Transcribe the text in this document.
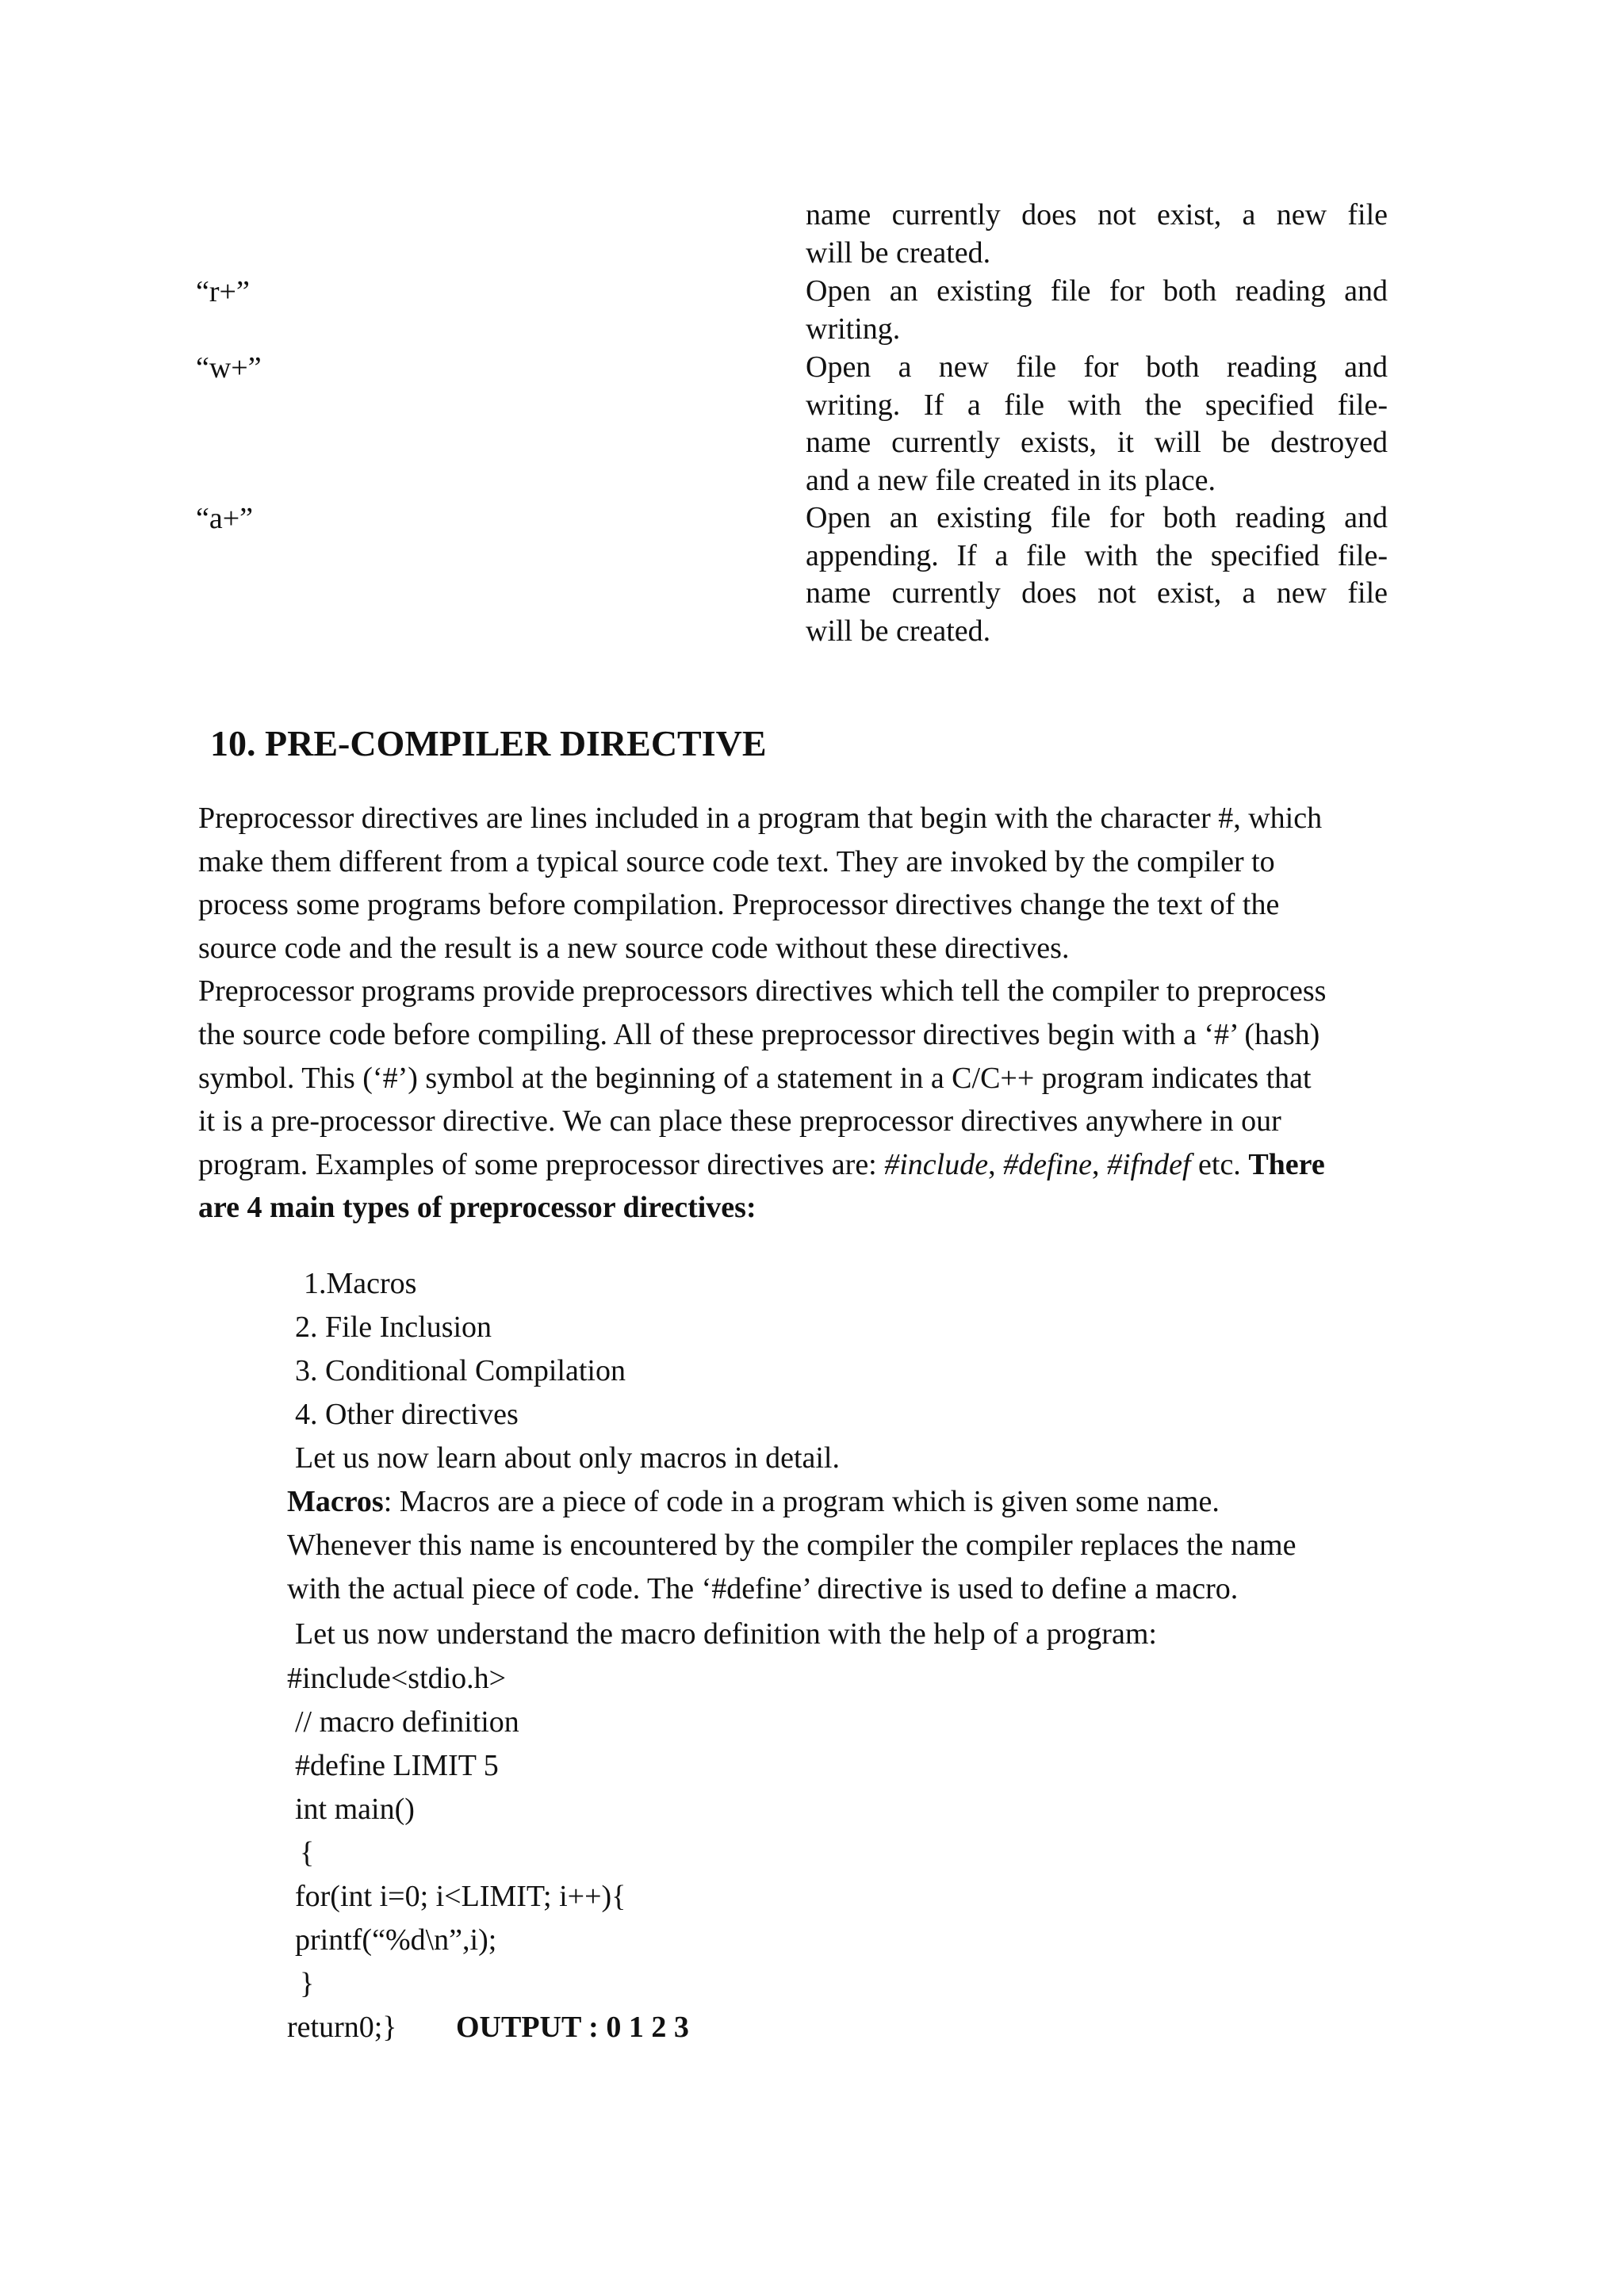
name currently does not exist, a new file
will be created.
“r+”	Open an existing file for both reading and
writing.
“w+”	Open a new file for both reading and
writing. If a file with the specified file-
name currently exists, it will be destroyed
and a new file created in its place.
“a+”	Open an existing file for both reading and
appending. If a file with the specified file-
name currently does not exist, a new file
will be created.
10. PRE-COMPILER DIRECTIVE
Preprocessor directives are lines included in a program that begin with the character #, which
make them different from a typical source code text. They are invoked by the compiler to
process some programs before compilation. Preprocessor directives change the text of the
source code and the result is a new source code without these directives.
Preprocessor programs provide preprocessors directives which tell the compiler to preprocess
the source code before compiling. All of these preprocessor directives begin with a ‘#’ (hash)
symbol. This (‘#’) symbol at the beginning of a statement in a C/C++ program indicates that
it is a pre-processor directive. We can place these preprocessor directives anywhere in our
program. Examples of some preprocessor directives are: #include, #define, #ifndef etc. There
are 4 main types of preprocessor directives:
1.Macros
2. File Inclusion
3. Conditional Compilation
4. Other directives
Let us now learn about only macros in detail.
Macros: Macros are a piece of code in a program which is given some name.
Whenever this name is encountered by the compiler the compiler replaces the name
with the actual piece of code. The ‘#define’ directive is used to define a macro.
Let us now understand the macro definition with the help of a program:
#include<stdio.h>
// macro definition
#define LIMIT 5
int main()
{
for(int i=0; i<LIMIT; i++){
printf(“%d\n”,i);
}
return0;} OUTPUT : 0 1 2 3
